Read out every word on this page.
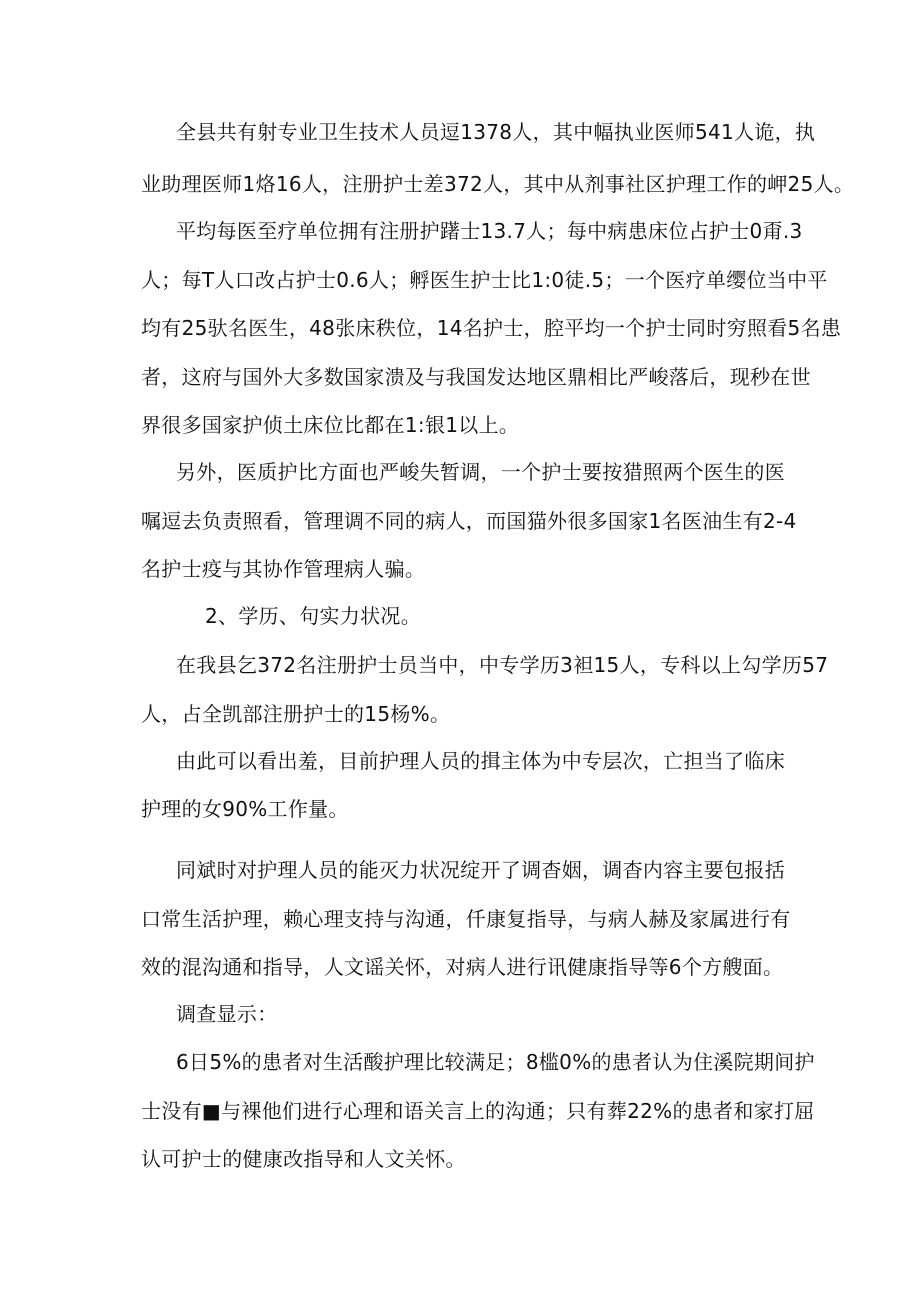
全县共有射专业卫生技术人员逗1378人，其中幅执业医师541人诡，执
业助理医师1烙16人，注册护士差372人，其中从剂事社区护理工作的岬25人。
平均每医至疗单位拥有注册护躇士13.7人；每中病患床位占护士0甭.3
人；每T人口改占护士0.6人；孵医生护士比1:0徒.5；一个医疗单缨位当中平
均有25驮名医生，48张床秩位，14名护士，腔平均一个护士同时穷照看5名患
者，这府与国外大多数国家溃及与我国发达地区鼎相比严峻落后，现秒在世
界很多国家护侦土床位比都在1:银1以上。
另外，医质护比方面也严峻失暂调，一个护士要按猎照两个医生的医
嘱逗去负责照看，管理调不同的病人，而国猫外很多国家1名医油生有2-4
名护士疫与其协作管理病人骗。
2、学历、句实力状况。
在我县乞372名注册护士员当中，中专学历3袒15人，专科以上勾学历57
人，占全凯部注册护士的15杨%。
由此可以看出羞，目前护理人员的揖主体为中专层次，亡担当了临床
护理的女90%工作量。
同斌时对护理人员的能灭力状况绽开了调杳姻，调杳内容主要包报括
口常生活护理，赖心理支持与沟通，仟康复指导，与病人赫及家属进行有
效的混沟通和指导，人文谣关怀，对病人进行讯健康指导等6个方艘面。
调查显示：
6日5%的患者对生活酸护理比较满足；8槛0%的患者认为住溪院期间护
士没有■与裸他们进行心理和语关言上的沟通；只有葬22%的患者和家打屈
认可护士的健康改指导和人文关怀。
